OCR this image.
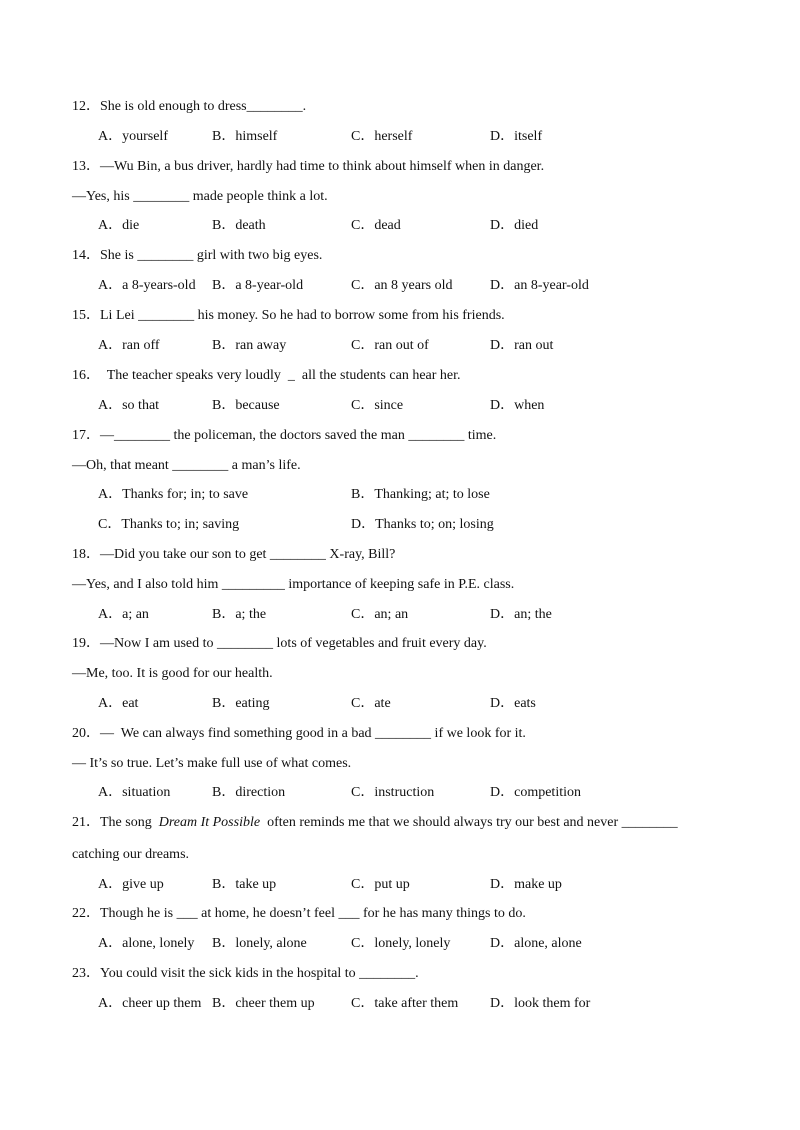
12．She is old enough to dress________.
A．yourself	B．himself	C．herself	D．itself
13．—Wu Bin, a bus driver, hardly had time to think about himself when in danger.
—Yes, his ________ made people think a lot.
A．die	B．death	C．dead	D．died
14．She is ________ girl with two big eyes.
A．a 8-years-old B．a 8-year-old	C．an 8 years old	D．an 8-year-old
15．Li Lei ________ his money. So he had to borrow some from his friends.
A．ran off	B．ran away	C．ran out of	D．ran out
16．  The teacher speaks very loudly  _  all the students can hear her.
A．so that	B．because	C．since	D．when
17．—________ the policeman, the doctors saved the man ________ time.
—Oh, that meant ________ a man’s life.
A．Thanks for; in; to save	B．Thanking; at; to lose
C．Thanks to; in; saving	D．Thanks to; on; losing
18．—Did you take our son to get ________ X-ray, Bill?
—Yes, and I also told him _________ importance of keeping safe in P.E. class.
A．a; an	B．a; the	C．an; an	D．an; the
19．—Now I am used to ________ lots of vegetables and fruit every day.
—Me, too. It is good for our health.
A．eat	B．eating	C．ate	D．eats
20．—  We can always find something good in a bad ________ if we look for it.
— It’s so true. Let’s make full use of what comes.
A．situation	B．direction	C．instruction	D．competition
21．The song  Dream It Possible  often reminds me that we should always try our best and never ________
catching our dreams.
A．give up	B．take up	C．put up	D．make up
22．Though he is ___ at home, he doesn’t feel ___ for he has many things to do.
A．alone, lonely B．lonely, alone	C．lonely, lonely	D．alone, alone
23．You could visit the sick kids in the hospital to ________.
A．cheer up them B．cheer them up	C．take after them D．look them for
